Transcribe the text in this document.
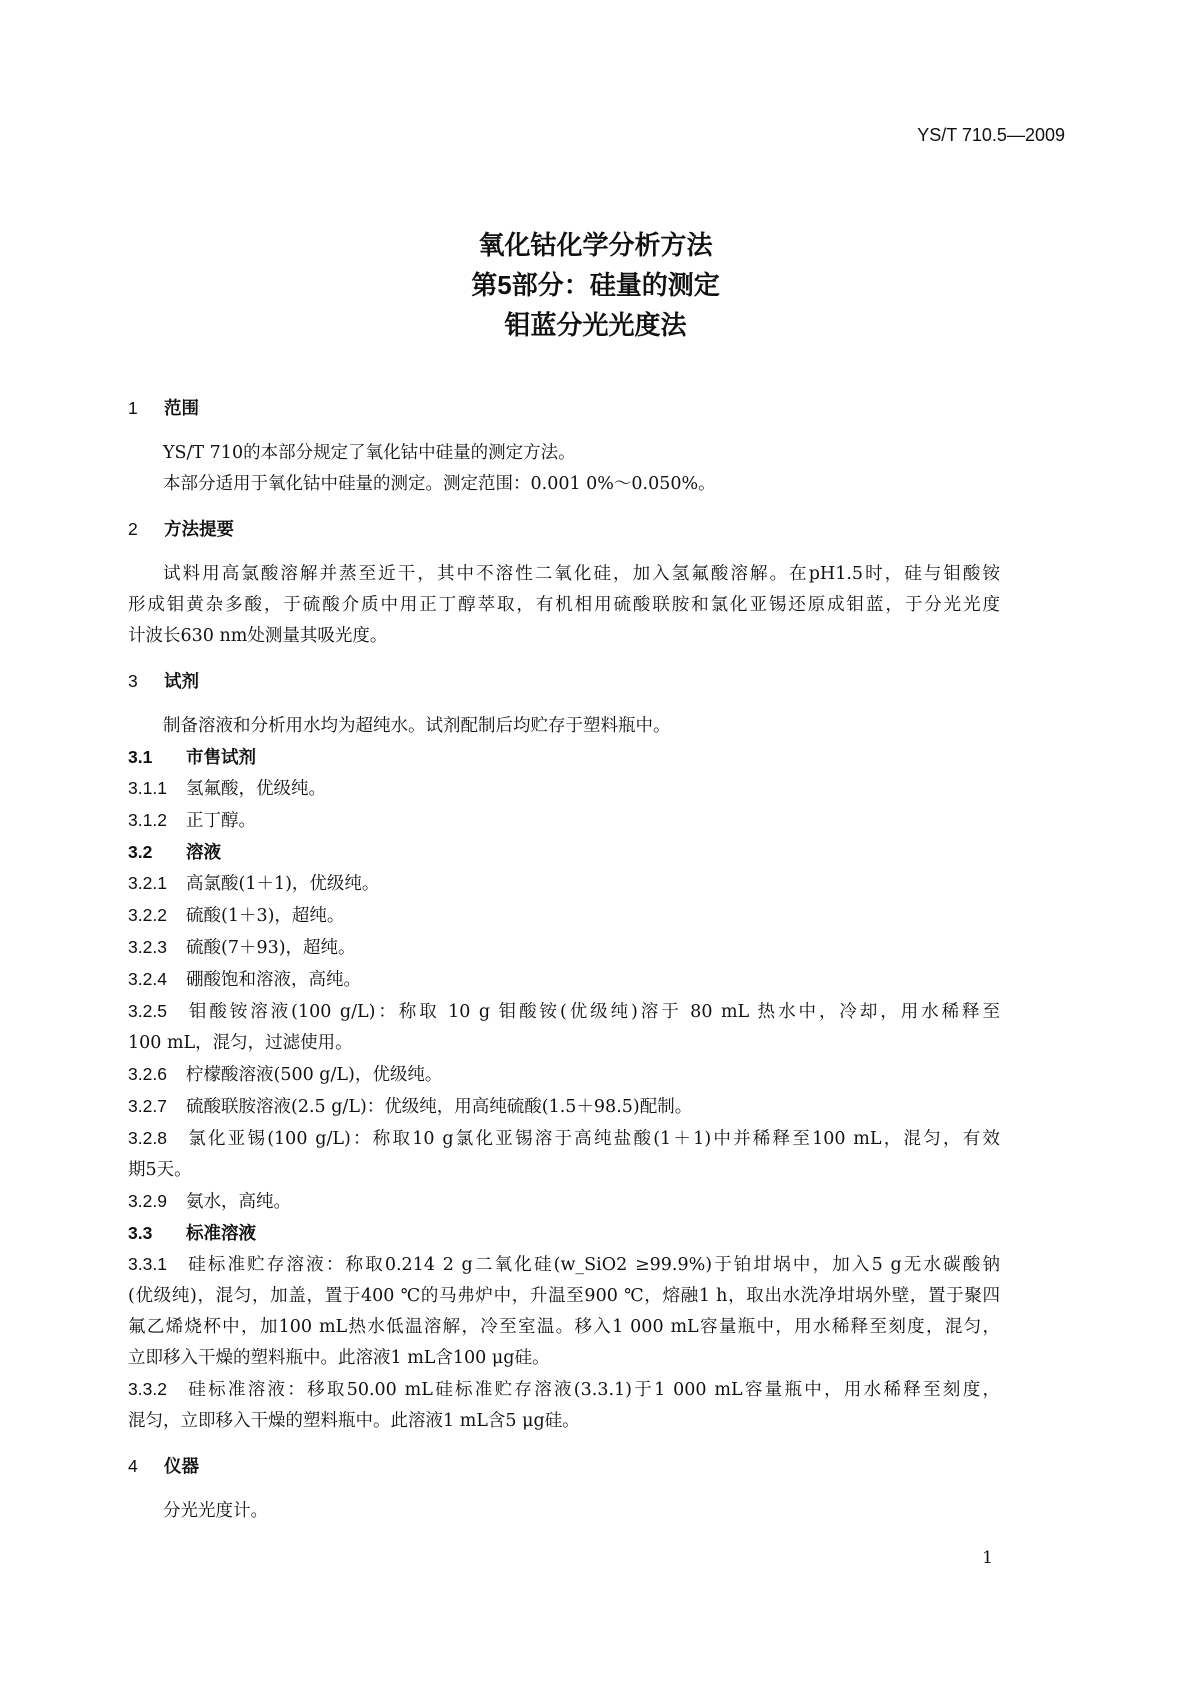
YS/T 710.5—2009
氧化钴化学分析方法
第5部分：硅量的测定
钼蓝分光光度法
1 范围
YS/T 710的本部分规定了氧化钴中硅量的测定方法。
本部分适用于氧化钴中硅量的测定。测定范围：0.001 0%～0.050%。
2 方法提要
试料用高氯酸溶解并蒸至近干，其中不溶性二氧化硅，加入氢氟酸溶解。在pH1.5时，硅与钼酸铵
形成钼黄杂多酸，于硫酸介质中用正丁醇萃取，有机相用硫酸联胺和氯化亚锡还原成钼蓝，于分光光度
计波长630 nm处测量其吸光度。
3 试剂
制备溶液和分析用水均为超纯水。试剂配制后均贮存于塑料瓶中。
3.1 市售试剂
3.1.1 氢氟酸，优级纯。
3.1.2 正丁醇。
3.2 溶液
3.2.1 高氯酸(1＋1)，优级纯。
3.2.2 硫酸(1＋3)，超纯。
3.2.3 硫酸(7＋93)，超纯。
3.2.4 硼酸饱和溶液，高纯。
3.2.5 钼酸铵溶液(100 g/L)：称取 10 g 钼酸铵(优级纯)溶于 80 mL 热水中，冷却，用水稀释至
100 mL，混匀，过滤使用。
3.2.6 柠檬酸溶液(500 g/L)，优级纯。
3.2.7 硫酸联胺溶液(2.5 g/L)：优级纯，用高纯硫酸(1.5＋98.5)配制。
3.2.8 氯化亚锡(100 g/L)：称取10 g氯化亚锡溶于高纯盐酸(1＋1)中并稀释至100 mL，混匀，有效
期5天。
3.2.9 氨水，高纯。
3.3 标准溶液
3.3.1 硅标准贮存溶液：称取0.214 2 g二氧化硅(w_SiO2 ≥99.9%)于铂坩埚中，加入5 g无水碳酸钠
(优级纯)，混匀，加盖，置于400 ℃的马弗炉中，升温至900 ℃，熔融1 h，取出水洗净坩埚外壁，置于聚四
氟乙烯烧杯中，加100 mL热水低温溶解，冷至室温。移入1 000 mL容量瓶中，用水稀释至刻度，混匀，
立即移入干燥的塑料瓶中。此溶液1 mL含100 μg硅。
3.3.2 硅标准溶液：移取50.00 mL硅标准贮存溶液(3.3.1)于1 000 mL容量瓶中，用水稀释至刻度，
混匀，立即移入干燥的塑料瓶中。此溶液1 mL含5 μg硅。
4 仪器
分光光度计。
1
